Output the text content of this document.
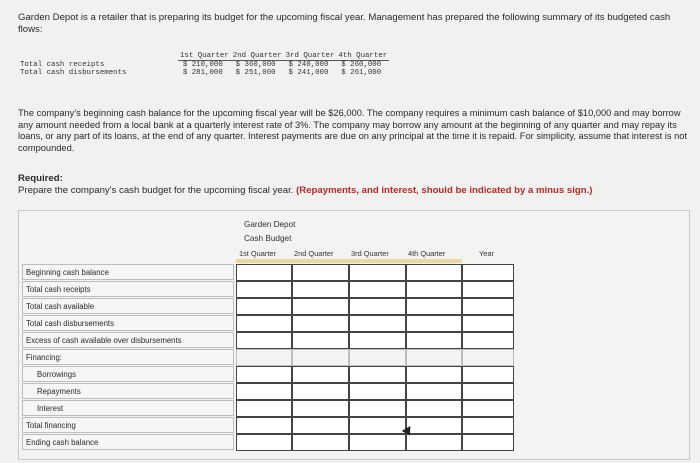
Garden Depot is a retailer that is preparing its budget for the upcoming fiscal year. Management has prepared the following summary of its budgeted cash flows:
	1st Quarter	2nd Quarter	3rd Quarter	4th Quarter
Total cash receipts	$ 210,000	$ 360,000	$ 240,000	$ 260,000
Total cash disbursements	$ 281,000	$ 251,000	$ 241,000	$ 261,000
The company's beginning cash balance for the upcoming fiscal year will be $26,000. The company requires a minimum cash balance of $10,000 and may borrow any amount needed from a local bank at a quarterly interest rate of 3%. The company may borrow any amount at the beginning of any quarter and may repay its loans, or any part of its loans, at the end of any quarter. Interest payments are due on any principal at the time it is repaid. For simplicity, assume that interest is not compounded.
Required:
Prepare the company's cash budget for the upcoming fiscal year. (Repayments, and interest, should be indicated by a minus sign.)
Garden Depot
Cash Budget
1st Quarter 2nd Quarter 3rd Quarter	4th Quarter	Year
Beginning cash balance
Total cash receipts
Total cash available
Total cash disbursements
Excess of cash available over disbursements
Financing:
Borrowings
Repayments
Interest
Total financing
Ending cash balance
